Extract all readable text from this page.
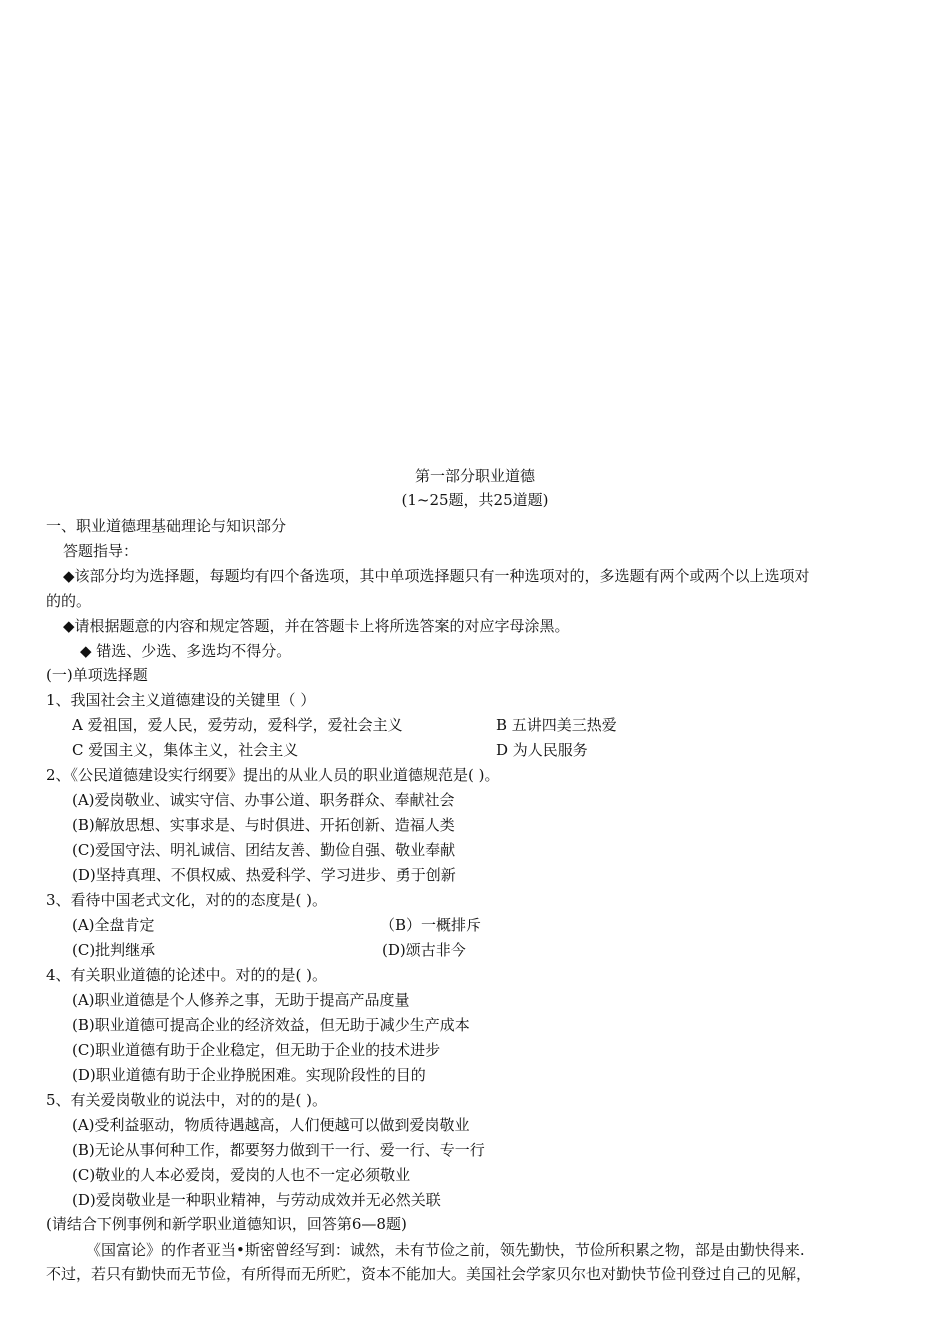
第一部分职业道德
(1~25题，共25道题)
一、职业道德理基础理论与知识部分
答题指导：
◆该部分均为选择题，每题均有四个备选项，其中单项选择题只有一种选项对的，多选题有两个或两个以上选项对
的的。
◆请根据题意的内容和规定答题，并在答题卡上将所选答案的对应字母涂黑。
◆ 错选、少选、多选均不得分。
(一)单项选择题
1、我国社会主义道德建设的关键里（ ）
A 爱祖国，爱人民，爱劳动，爱科学，爱社会主义	B 五讲四美三热爱
C 爱国主义，集体主义，社会主义	D 为人民服务
2、《公民道德建设实行纲要》提出的从业人员的职业道德规范是( )。
(A)爱岗敬业、诚实守信、办事公道、职务群众、奉献社会
(B)解放思想、实事求是、与时俱进、开拓创新、造福人类
(C)爱国守法、明礼诚信、团结友善、勤俭自强、敬业奉献
(D)坚持真理、不俱权威、热爱科学、学习进步、勇于创新
3、看待中国老式文化，对的的态度是( )。
(A)全盘肯定	（B）一概排斥
(C)批判继承	(D)颂古非今
4、有关职业道德的论述中。对的的是( )。
(A)职业道德是个人修养之事，无助于提高产品度量
(B)职业道德可提高企业的经济效益，但无助于减少生产成本
(C)职业道德有助于企业稳定，但无助于企业的技术进步
(D)职业道德有助于企业挣脱困难。实现阶段性的目的
5、有关爱岗敬业的说法中，对的的是( )。
(A)受利益驱动，物质待遇越高，人们便越可以做到爱岗敬业
(B)无论从事何种工作，都要努力做到干一行、爱一行、专一行
(C)敬业的人本必爱岗，爱岗的人也不一定必须敬业
(D)爱岗敬业是一种职业精神，与劳动成效并无必然关联
(请结合下例事例和新学职业道德知识，回答第6—8题)
《国富论》的作者亚当•斯密曾经写到：诚然，未有节俭之前，领先勤快，节俭所积累之物，部是由勤快得来.
不过，若只有勤快而无节俭，有所得而无所贮，资本不能加大。美国社会学家贝尔也对勤快节俭刊登过自己的见解，
